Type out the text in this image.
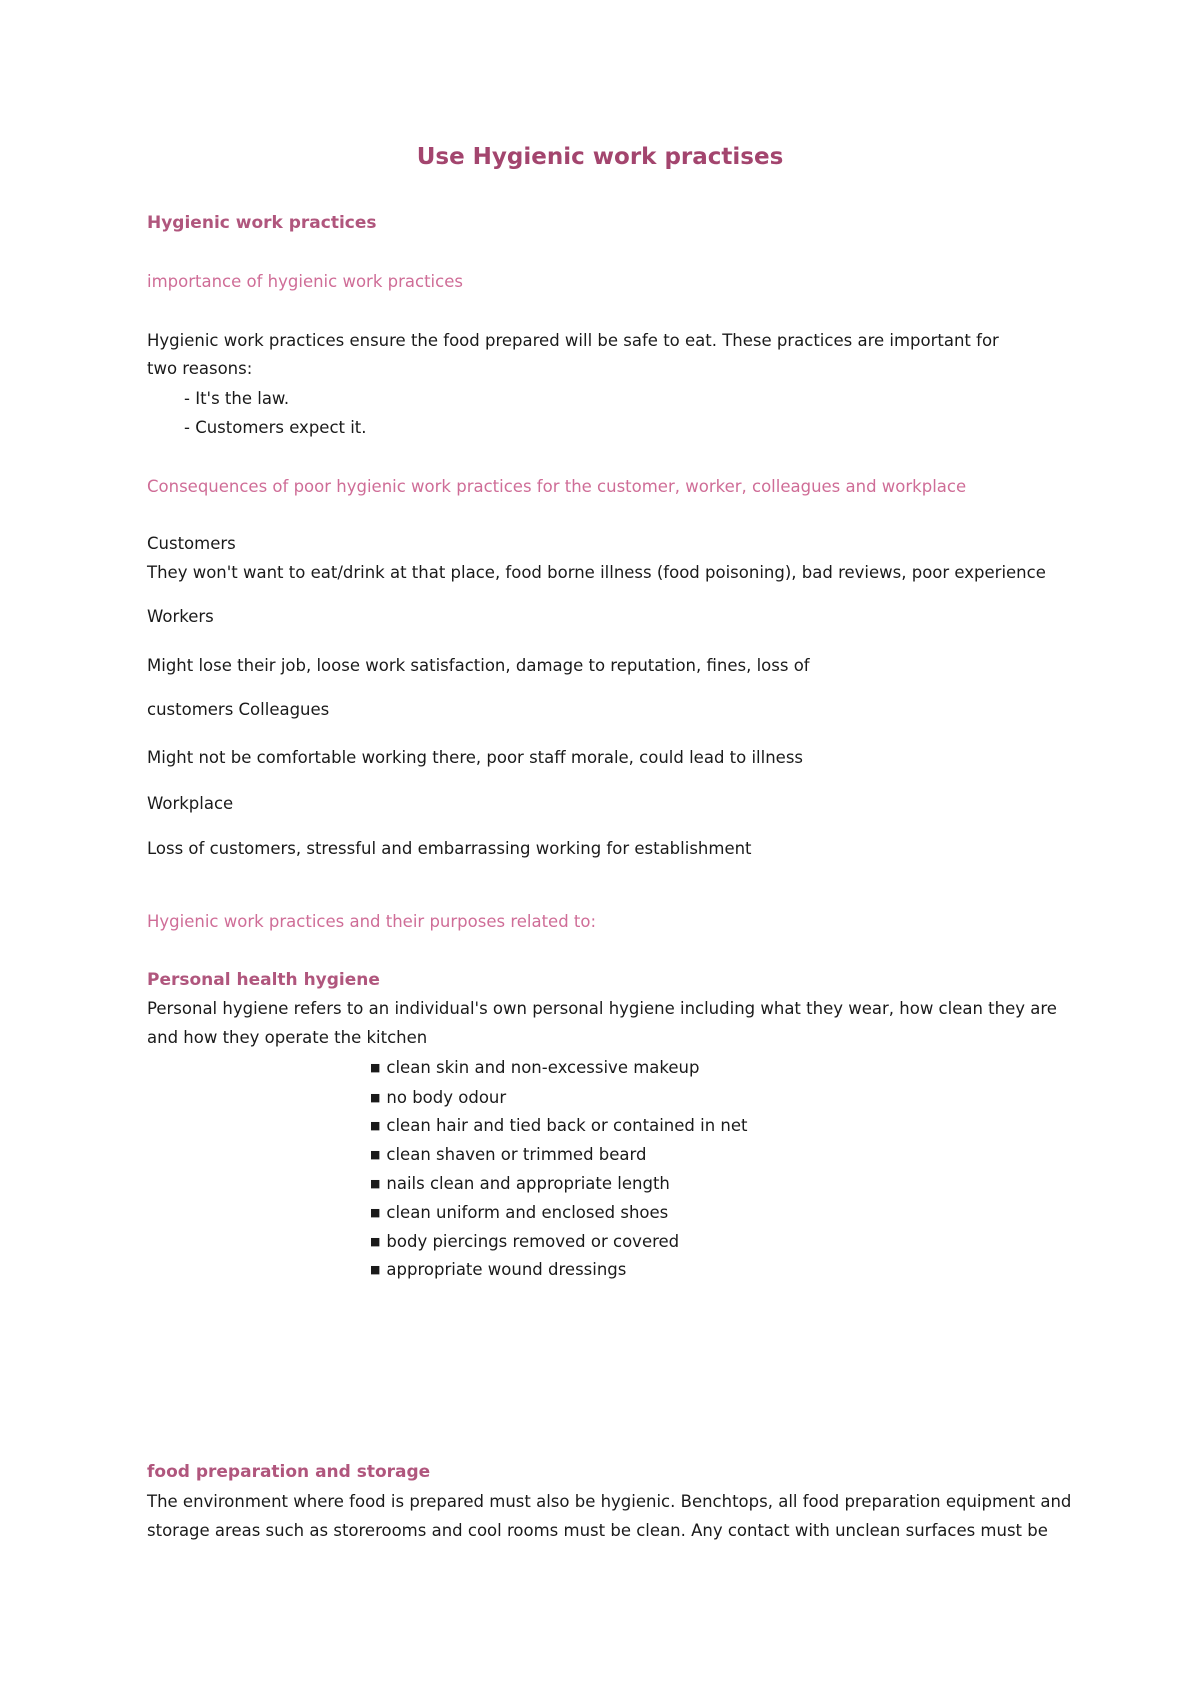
Use Hygienic work practises
Hygienic work practices
importance of hygienic work practices
Hygienic work practices ensure the food prepared will be safe to eat. These practices are important for
two reasons:
- It's the law.
- Customers expect it.
Consequences of poor hygienic work practices for the customer, worker, colleagues and workplace
Customers
They won't want to eat/drink at that place, food borne illness (food poisoning), bad reviews, poor experience
Workers
Might lose their job, loose work satisfaction, damage to reputation, fines, loss of
customers Colleagues
Might not be comfortable working there, poor staff morale, could lead to illness
Workplace
Loss of customers, stressful and embarrassing working for establishment
Hygienic work practices and their purposes related to:
Personal health hygiene
Personal hygiene refers to an individual's own personal hygiene including what they wear, how clean they are
and how they operate the kitchen
■ clean skin and non-excessive makeup
■ no body odour
■ clean hair and tied back or contained in net
■ clean shaven or trimmed beard
■ nails clean and appropriate length
■ clean uniform and enclosed shoes
■ body piercings removed or covered
■ appropriate wound dressings
food preparation and storage
The environment where food is prepared must also be hygienic. Benchtops, all food preparation equipment and
storage areas such as storerooms and cool rooms must be clean. Any contact with unclean surfaces must be
